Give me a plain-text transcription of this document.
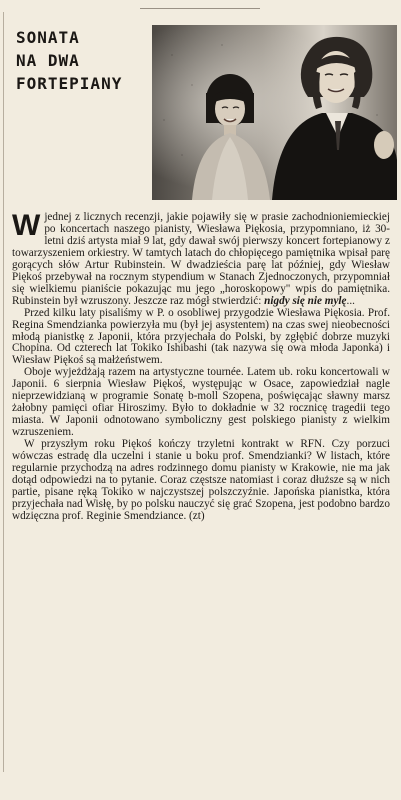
SONATA
NA DWA
FORTEPIANY

Wjednej z licznych recenzji, jakie pojawiły się w prasie zachodnioniemieckiej po koncertach naszego pianisty, Wiesława Piękosia, przypomniano, iż 30-letni dziś artysta miał 9 lat, gdy dawał swój pierwszy koncert fortepianowy z towarzyszeniem orkiestry. W tamtych latach do chłopięcego pamiętnika wpisał parę gorących słów Artur Rubinstein. W dwadzieścia parę lat później, gdy Wiesław Piękoś przebywał na rocznym stypendium w Stanach Zjednoczonych, przypomniał się wielkiemu pianiście pokazując mu jego „horoskopowy" wpis do pamiętnika. Rubinstein był wzruszony. Jeszcze raz mógł stwierdzić: nigdy się nie mylę...

Przed kilku laty pisaliśmy w P. o osobliwej przygodzie Wiesława Piękosia. Prof. Regina Smendzianka powierzyła mu (był jej asystentem) na czas swej nieobecności młodą pianistkę z Japonii, która przyjechała do Polski, by zgłębić dobrze muzyki Chopina. Od czterech lat Tokiko Ishibashi (tak nazywa się owa młoda Japonka) i Wiesław Piękoś są małżeństwem.

Oboje wyjeżdżają razem na artystyczne tournée. Latem ub. roku koncertowali w Japonii. 6 sierpnia Wiesław Piękoś, występując w Osace, zapowiedział nagle nieprzewidzianą w programie Sonatę b-moll Szopena, poświęcając sławny marsz żałobny pamięci ofiar Hiroszimy. Było to dokładnie w 32 rocznicę tragedii tego miasta. W Japonii odnotowano symboliczny gest polskiego pianisty z wielkim wzruszeniem.

W przyszłym roku Piękoś kończy trzyletni kontrakt w RFN. Czy porzuci wówczas estradę dla uczelni i stanie u boku prof. Smendzianki? W listach, które regularnie przychodzą na adres rodzinnego domu pianisty w Krakowie, nie ma jak dotąd odpowiedzi na to pytanie. Coraz częstsze natomiast i coraz dłuższe są w nich partie, pisane ręką Tokiko w najczystszej polszczyźnie. Japońska pianistka, która przyjechała nad Wisłę, by po polsku nauczyć się grać Szopena, jest podobno bardzo wdzięczna prof. Reginie Smendziance. (zt)
